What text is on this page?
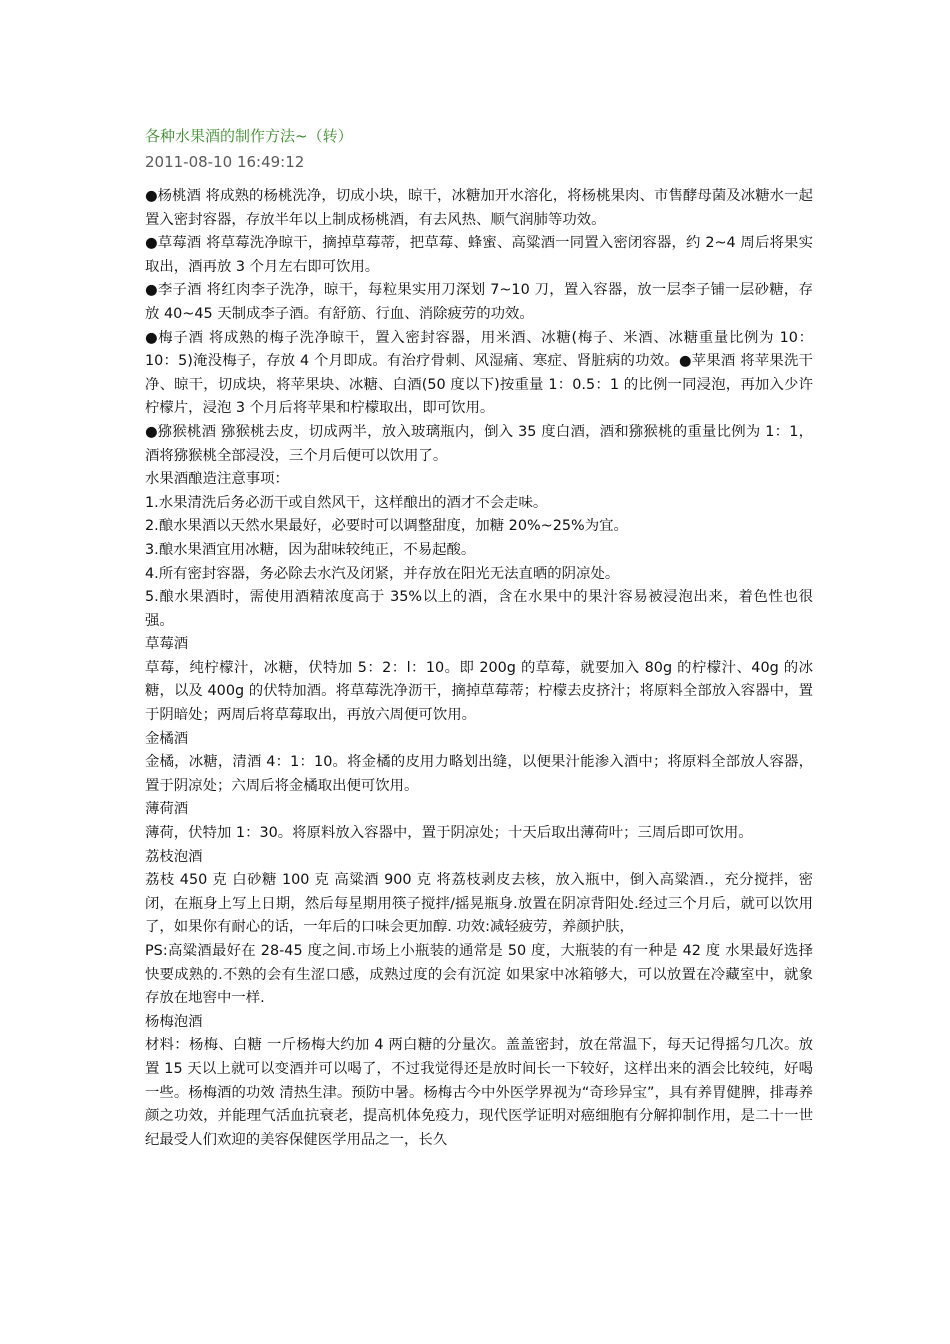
各种水果酒的制作方法~（转）
2011-08-10 16:49:12

●杨桃酒 将成熟的杨桃洗净，切成小块，晾干，冰糖加开水溶化，将杨桃果肉、市售酵母菌及冰糖水一起置入密封容器，存放半年以上制成杨桃酒，有去风热、顺气润肺等功效。

●草莓酒 将草莓洗净晾干，摘掉草莓蒂，把草莓、蜂蜜、高粱酒一同置入密闭容器，约 2~4 周后将果实取出，酒再放 3 个月左右即可饮用。

●李子酒 将红肉李子洗净，晾干，每粒果实用刀深划 7~10 刀，置入容器，放一层李子铺一层砂糖，存放 40~45 天制成李子酒。有舒筋、行血、消除疲劳的功效。

●梅子酒 将成熟的梅子洗净晾干，置入密封容器，用米酒、冰糖(梅子、米酒、冰糖重量比例为 10：10：5)淹没梅子，存放 4 个月即成。有治疗骨刺、风湿痛、寒症、肾脏病的功效。●苹果酒 将苹果洗干净、晾干，切成块，将苹果块、冰糖、白酒(50 度以下)按重量 1：0.5：1 的比例一同浸泡，再加入少许柠檬片，浸泡 3 个月后将苹果和柠檬取出，即可饮用。

●猕猴桃酒 猕猴桃去皮，切成两半，放入玻璃瓶内，倒入 35 度白酒，酒和猕猴桃的重量比例为 1：1，酒将猕猴桃全部浸没，三个月后便可以饮用了。

水果酒酿造注意事项：

1.水果清洗后务必沥干或自然风干，这样酿出的酒才不会走味。

2.酿水果酒以天然水果最好，必要时可以调整甜度，加糖 20%~25%为宜。

3.酿水果酒宜用冰糖，因为甜味较纯正，不易起酸。

4.所有密封容器，务必除去水汽及闭紧，并存放在阳光无法直晒的阴凉处。

5.酿水果酒时，需使用酒精浓度高于 35%以上的酒，含在水果中的果汁容易被浸泡出来，着色性也很强。

草莓酒

草莓，纯柠檬汁，冰糖，伏特加 5：2：l：10。即 200g 的草莓，就要加入 80g 的柠檬汁、40g 的冰糖，以及 400g 的伏特加酒。将草莓洗净沥干，摘掉草莓蒂；柠檬去皮挤汁；将原料全部放入容器中，置于阴暗处；两周后将草莓取出，再放六周便可饮用。

金橘酒

金橘，冰糖，清酒 4：1：10。将金橘的皮用力略划出缝，以便果汁能渗入酒中；将原料全部放人容器，置于阴凉处；六周后将金橘取出便可饮用。

薄荷酒

薄荷，伏特加 1：30。将原料放入容器中，置于阴凉处；十天后取出薄荷叶；三周后即可饮用。

荔枝泡酒

荔枝 450 克 白砂糖 100 克 高粱酒 900 克 将荔枝剥皮去核，放入瓶中，倒入高粱酒.，充分搅拌，密闭，在瓶身上写上日期，然后每星期用筷子搅拌/摇晃瓶身.放置在阴凉背阳处.经过三个月后，就可以饮用了，如果你有耐心的话，一年后的口味会更加醇. 功效:减轻疲劳，养颜护肤，

PS:高粱酒最好在 28-45 度之间.市场上小瓶装的通常是 50 度，大瓶装的有一种是 42 度 水果最好选择快要成熟的.不熟的会有生涩口感，成熟过度的会有沉淀 如果家中冰箱够大，可以放置在冷藏室中，就象存放在地窖中一样.

杨梅泡酒

材料：杨梅、白糖 一斤杨梅大约加 4 两白糖的分量次。盖盖密封，放在常温下，每天记得摇匀几次。放置 15 天以上就可以变酒并可以喝了，不过我觉得还是放时间长一下较好，这样出来的酒会比较纯，好喝一些。杨梅酒的功效 清热生津。预防中暑。杨梅古今中外医学界视为“奇珍异宝”，具有养胃健脾，排毒养颜之功效，并能理气活血抗衰老，提高机体免疫力，现代医学证明对癌细胞有分解抑制作用，是二十一世纪最受人们欢迎的美容保健医学用品之一，长久
